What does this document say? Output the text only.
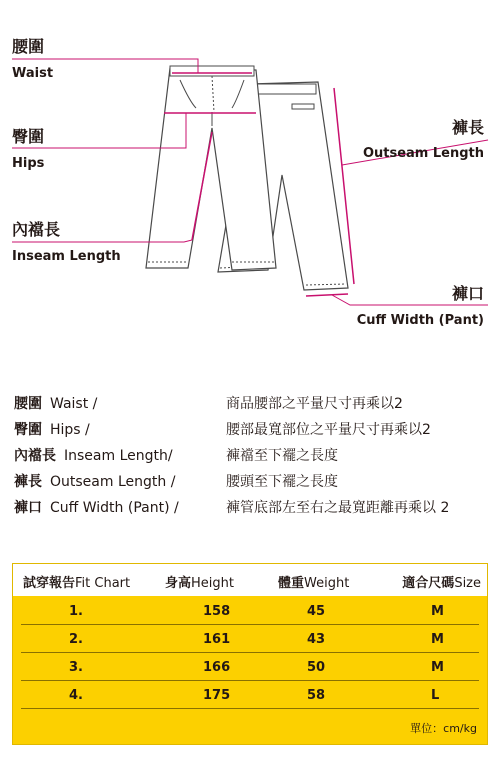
腰圍
Waist
臀圍
Hips
內襠長
Inseam Length
褲長
Outseam Length
褲口
Cuff Width (Pant)
腰圍 Waist /	商品腰部之平量尺寸再乘以2
臀圍 Hips /	腰部最寬部位之平量尺寸再乘以2
內襠長 Inseam Length/	褲襠至下襬之長度
褲長 Outseam Length /	腰頭至下襬之長度
褲口 Cuff Width (Pant) /	褲管底部左至右之最寬距離再乘以 2
試穿報告Fit Chart	身高Height	體重Weight	適合尺碼Size
1.	158	45	M
2.	161	43	M
3.	166	50	M
4.	175	58	L
單位：cm/kg
